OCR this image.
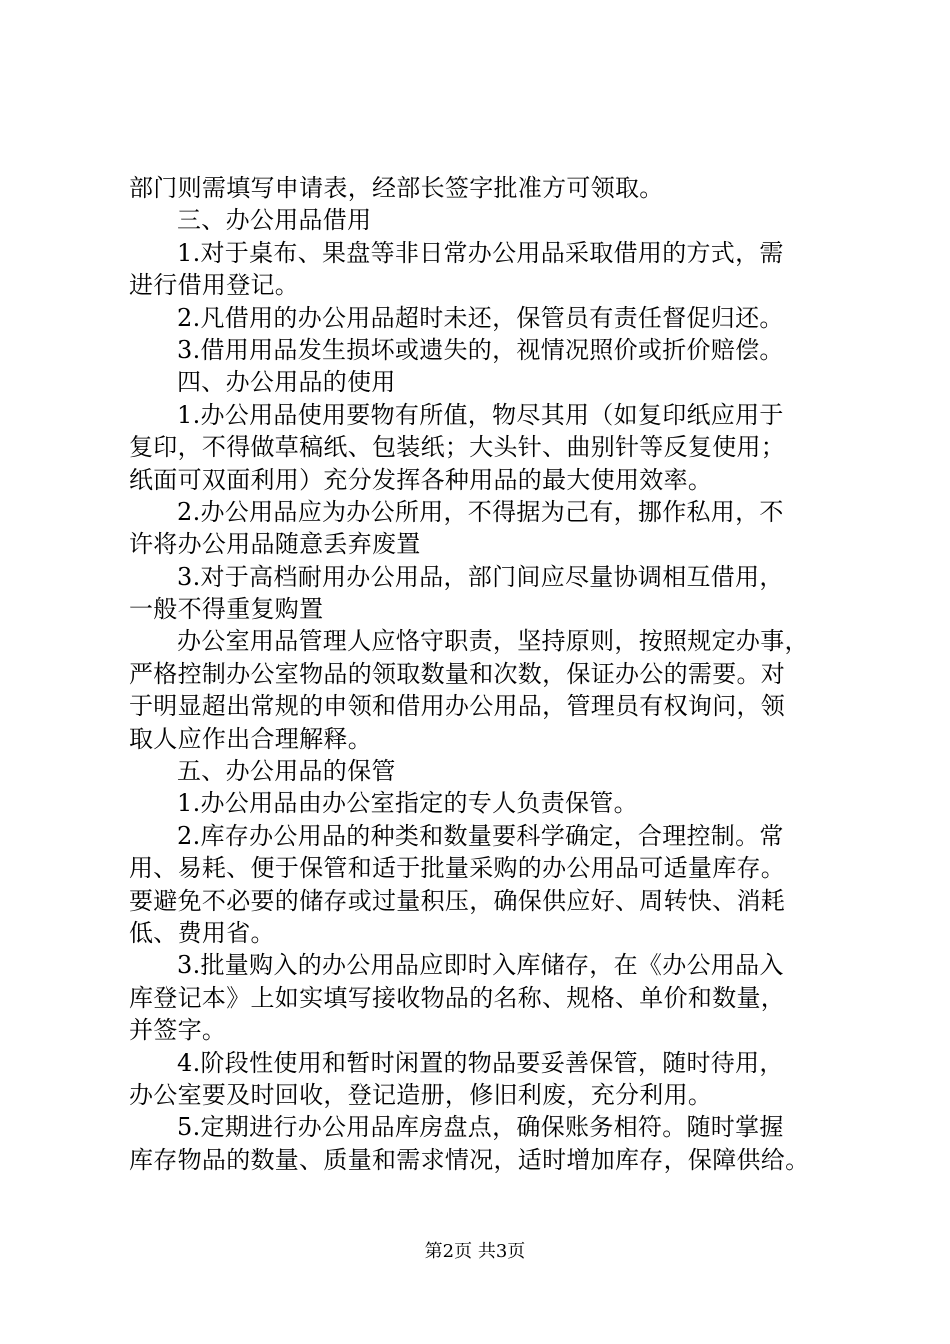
部门则需填写申请表，经部长签字批准方可领取。
三、办公用品借用
1.对于桌布、果盘等非日常办公用品采取借用的方式，需
进行借用登记。
2.凡借用的办公用品超时未还，保管员有责任督促归还。
3.借用用品发生损坏或遗失的，视情况照价或折价赔偿。
四、办公用品的使用
1.办公用品使用要物有所值，物尽其用（如复印纸应用于
复印，不得做草稿纸、包装纸；大头针、曲别针等反复使用；
纸面可双面利用）充分发挥各种用品的最大使用效率。
2.办公用品应为办公所用，不得据为己有，挪作私用，不
许将办公用品随意丢弃废置
3.对于高档耐用办公用品，部门间应尽量协调相互借用，
一般不得重复购置
办公室用品管理人应恪守职责，坚持原则，按照规定办事，
严格控制办公室物品的领取数量和次数，保证办公的需要。对
于明显超出常规的申领和借用办公用品，管理员有权询问，领
取人应作出合理解释。
五、办公用品的保管
1.办公用品由办公室指定的专人负责保管。
2.库存办公用品的种类和数量要科学确定，合理控制。常
用、易耗、便于保管和适于批量采购的办公用品可适量库存。
要避免不必要的储存或过量积压，确保供应好、周转快、消耗
低、费用省。
3.批量购入的办公用品应即时入库储存，在《办公用品入
库登记本》上如实填写接收物品的名称、规格、单价和数量，
并签字。
4.阶段性使用和暂时闲置的物品要妥善保管，随时待用，
办公室要及时回收，登记造册，修旧利废，充分利用。
5.定期进行办公用品库房盘点，确保账务相符。随时掌握
库存物品的数量、质量和需求情况，适时增加库存，保障供给。
第2页 共3页
